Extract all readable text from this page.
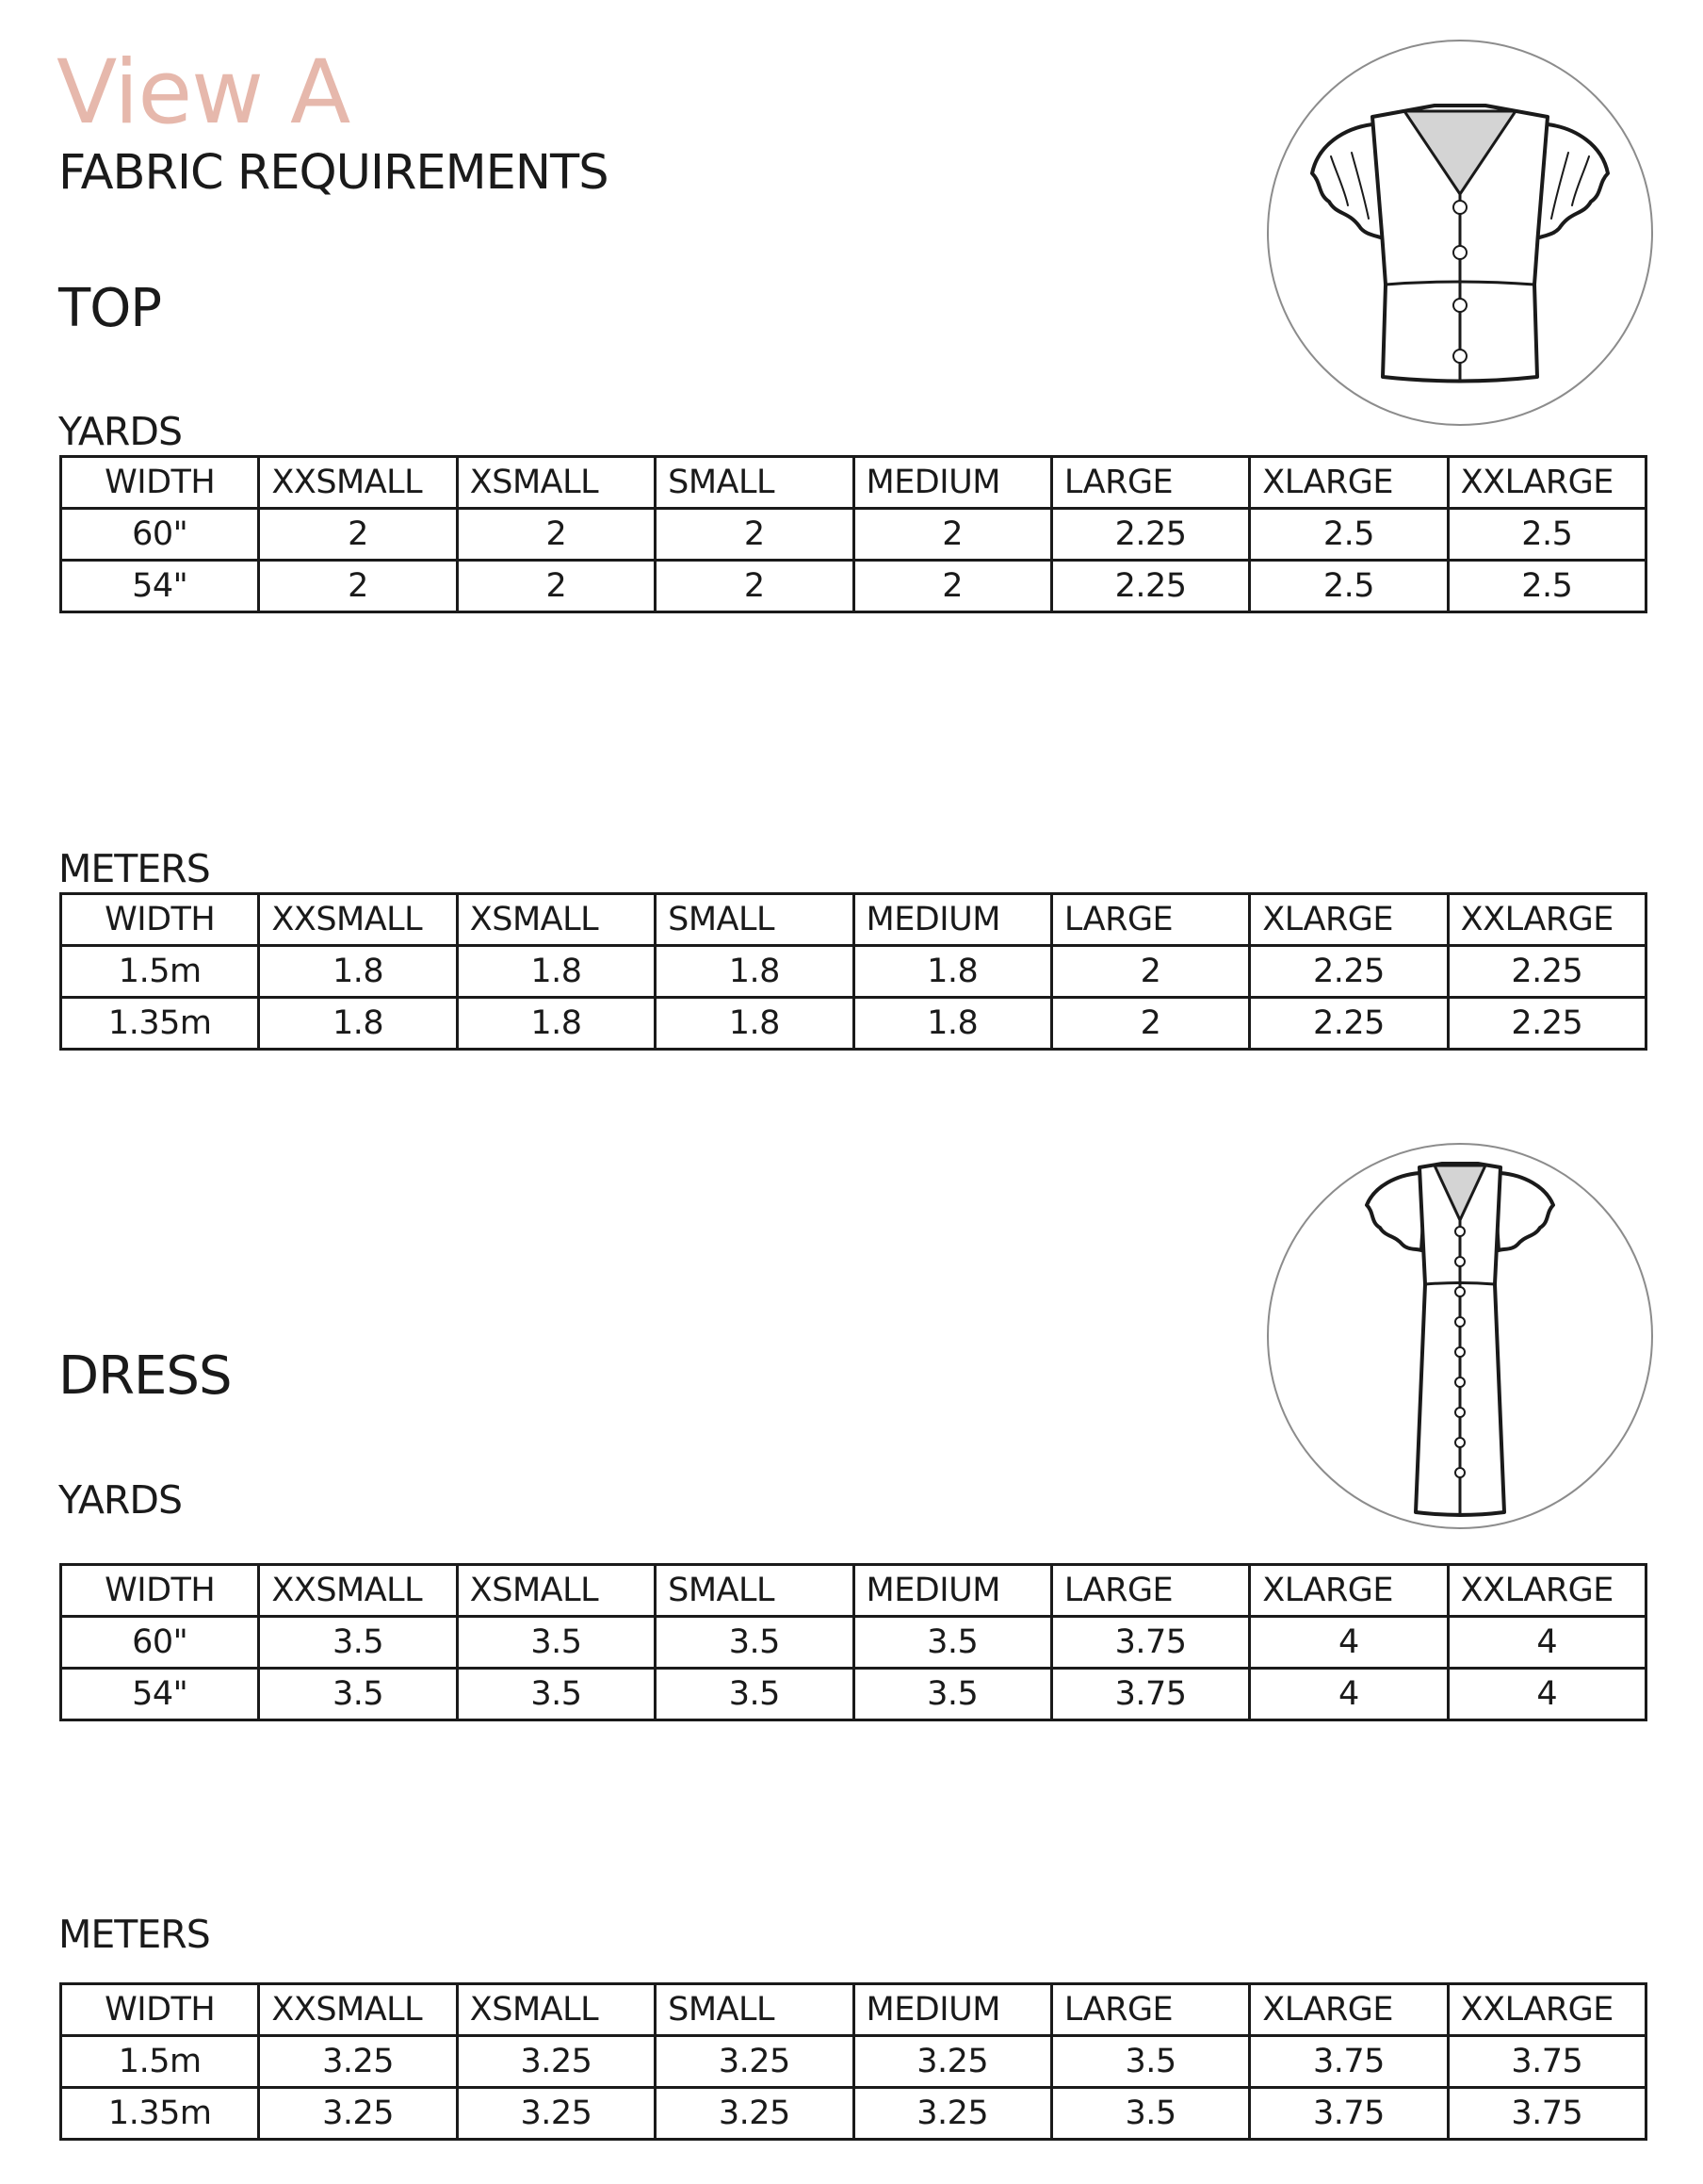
View A
FABRIC REQUIREMENTS
TOP
YARDS
WIDTH	XXSMALL	XSMALL	SMALL	MEDIUM	LARGE	XLARGE	XXLARGE
60"	2	2	2	2	2.25	2.5	2.5
54"	2	2	2	2	2.25	2.5	2.5
METERS
WIDTH	XXSMALL	XSMALL	SMALL	MEDIUM	LARGE	XLARGE	XXLARGE
1.5m	1.8	1.8	1.8	1.8	2	2.25	2.25
1.35m	1.8	1.8	1.8	1.8	2	2.25	2.25
DRESS
YARDS
WIDTH	XXSMALL	XSMALL	SMALL	MEDIUM	LARGE	XLARGE	XXLARGE
60"	3.5	3.5	3.5	3.5	3.75	4	4
54"	3.5	3.5	3.5	3.5	3.75	4	4
METERS
WIDTH	XXSMALL	XSMALL	SMALL	MEDIUM	LARGE	XLARGE	XXLARGE
1.5m	3.25	3.25	3.25	3.25	3.5	3.75	3.75
1.35m	3.25	3.25	3.25	3.25	3.5	3.75	3.75
